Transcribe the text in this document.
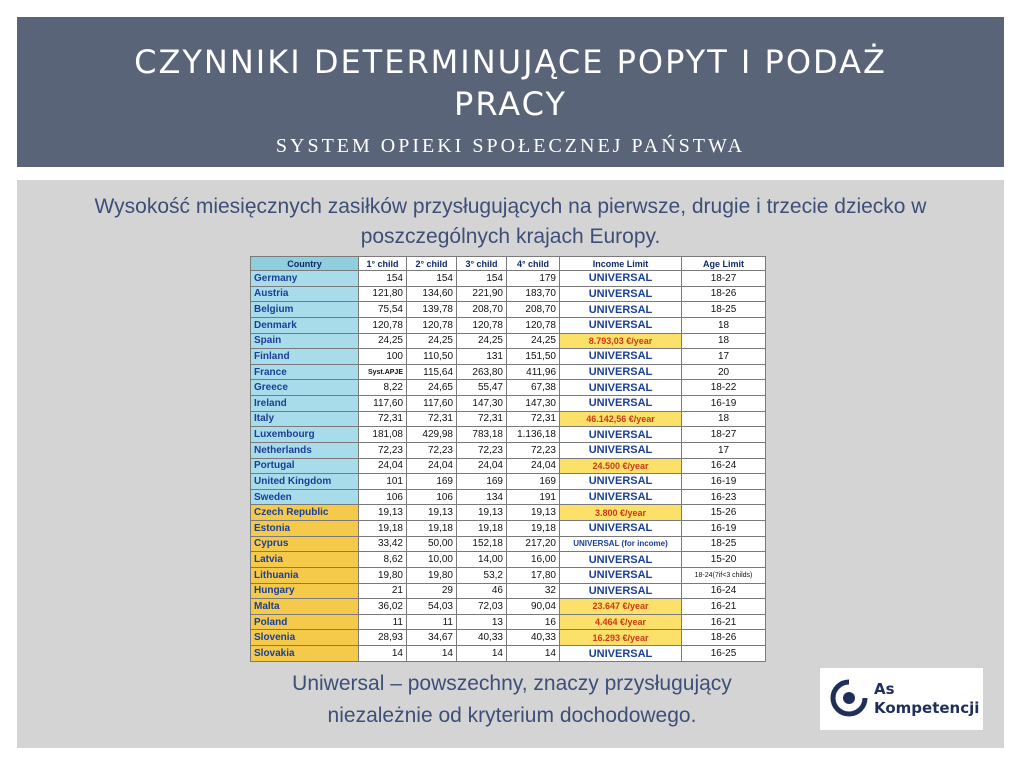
CZYNNIKI DETERMINUJĄCE POPYT I PODAŻ
PRACY
SYSTEM OPIEKI SPOŁECZNEJ PAŃSTWA
Wysokość miesięcznych zasiłków przysługujących na pierwsze, drugie i trzecie dziecko w poszczególnych krajach Europy.
Country	1° child	2° child	3° child	4° child	Income Limit	Age Limit
Germany	154	154	154	179	UNIVERSAL	18-27
Austria	121,80	134,60	221,90	183,70	UNIVERSAL	18-26
Belgium	75,54	139,78	208,70	208,70	UNIVERSAL	18-25
Denmark	120,78	120,78	120,78	120,78	UNIVERSAL	18
Spain	24,25	24,25	24,25	24,25	8.793,03 €/year	18
Finland	100	110,50	131	151,50	UNIVERSAL	17
France	Syst.APJE	115,64	263,80	411,96	UNIVERSAL	20
Greece	8,22	24,65	55,47	67,38	UNIVERSAL	18-22
Ireland	117,60	117,60	147,30	147,30	UNIVERSAL	16-19
Italy	72,31	72,31	72,31	72,31	46.142,56 €/year	18
Luxembourg	181,08	429,98	783,18	1.136,18	UNIVERSAL	18-27
Netherlands	72,23	72,23	72,23	72,23	UNIVERSAL	17
Portugal	24,04	24,04	24,04	24,04	24.500 €/year	16-24
United Kingdom	101	169	169	169	UNIVERSAL	16-19
Sweden	106	106	134	191	UNIVERSAL	16-23
Czech Republic	19,13	19,13	19,13	19,13	3.800 €/year	15-26
Estonia	19,18	19,18	19,18	19,18	UNIVERSAL	16-19
Cyprus	33,42	50,00	152,18	217,20	UNIVERSAL (for income)	18-25
Latvia	8,62	10,00	14,00	16,00	UNIVERSAL	15-20
Lithuania	19,80	19,80	53,2	17,80	UNIVERSAL	18-24(7if<3 childs)
Hungary	21	29	46	32	UNIVERSAL	16-24
Malta	36,02	54,03	72,03	90,04	23.647 €/year	16-21
Poland	11	11	13	16	4.464 €/year	16-21
Slovenia	28,93	34,67	40,33	40,33	16.293 €/year	18-26
Slovakia	14	14	14	14	UNIVERSAL	16-25
Uniwersal – powszechny, znaczy przysługujący niezależnie od kryterium dochodowego.
As
Kompetencji
